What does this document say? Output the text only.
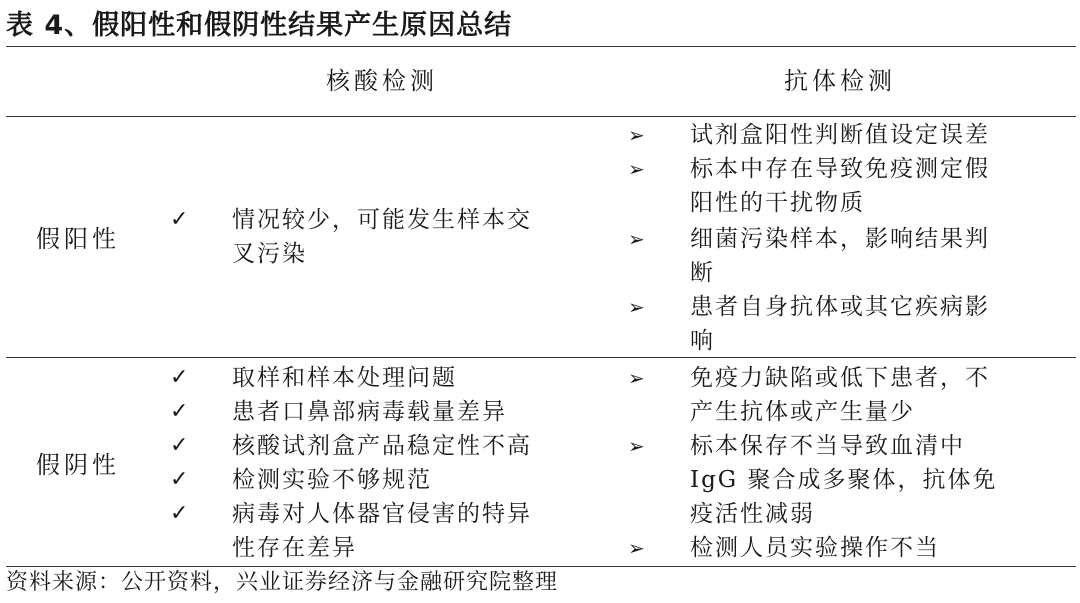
表 4、假阳性和假阴性结果产生原因总结
核酸检测	抗体检测
假阳性
✓ 情况较少，可能发生样本交
叉污染
➢ 试剂盒阳性判断值设定误差
➢ 标本中存在导致免疫测定假
阳性的干扰物质
➢ 细菌污染样本，影响结果判
断
➢ 患者自身抗体或其它疾病影
响
假阴性
✓ 取样和样本处理问题
✓ 患者口鼻部病毒载量差异
✓ 核酸试剂盒产品稳定性不高
✓ 检测实验不够规范
✓ 病毒对人体器官侵害的特异
性存在差异
➢ 免疫力缺陷或低下患者，不
产生抗体或产生量少
➢ 标本保存不当导致血清中
IgG 聚合成多聚体，抗体免
疫活性减弱
➢ 检测人员实验操作不当
资料来源：公开资料，兴业证券经济与金融研究院整理
